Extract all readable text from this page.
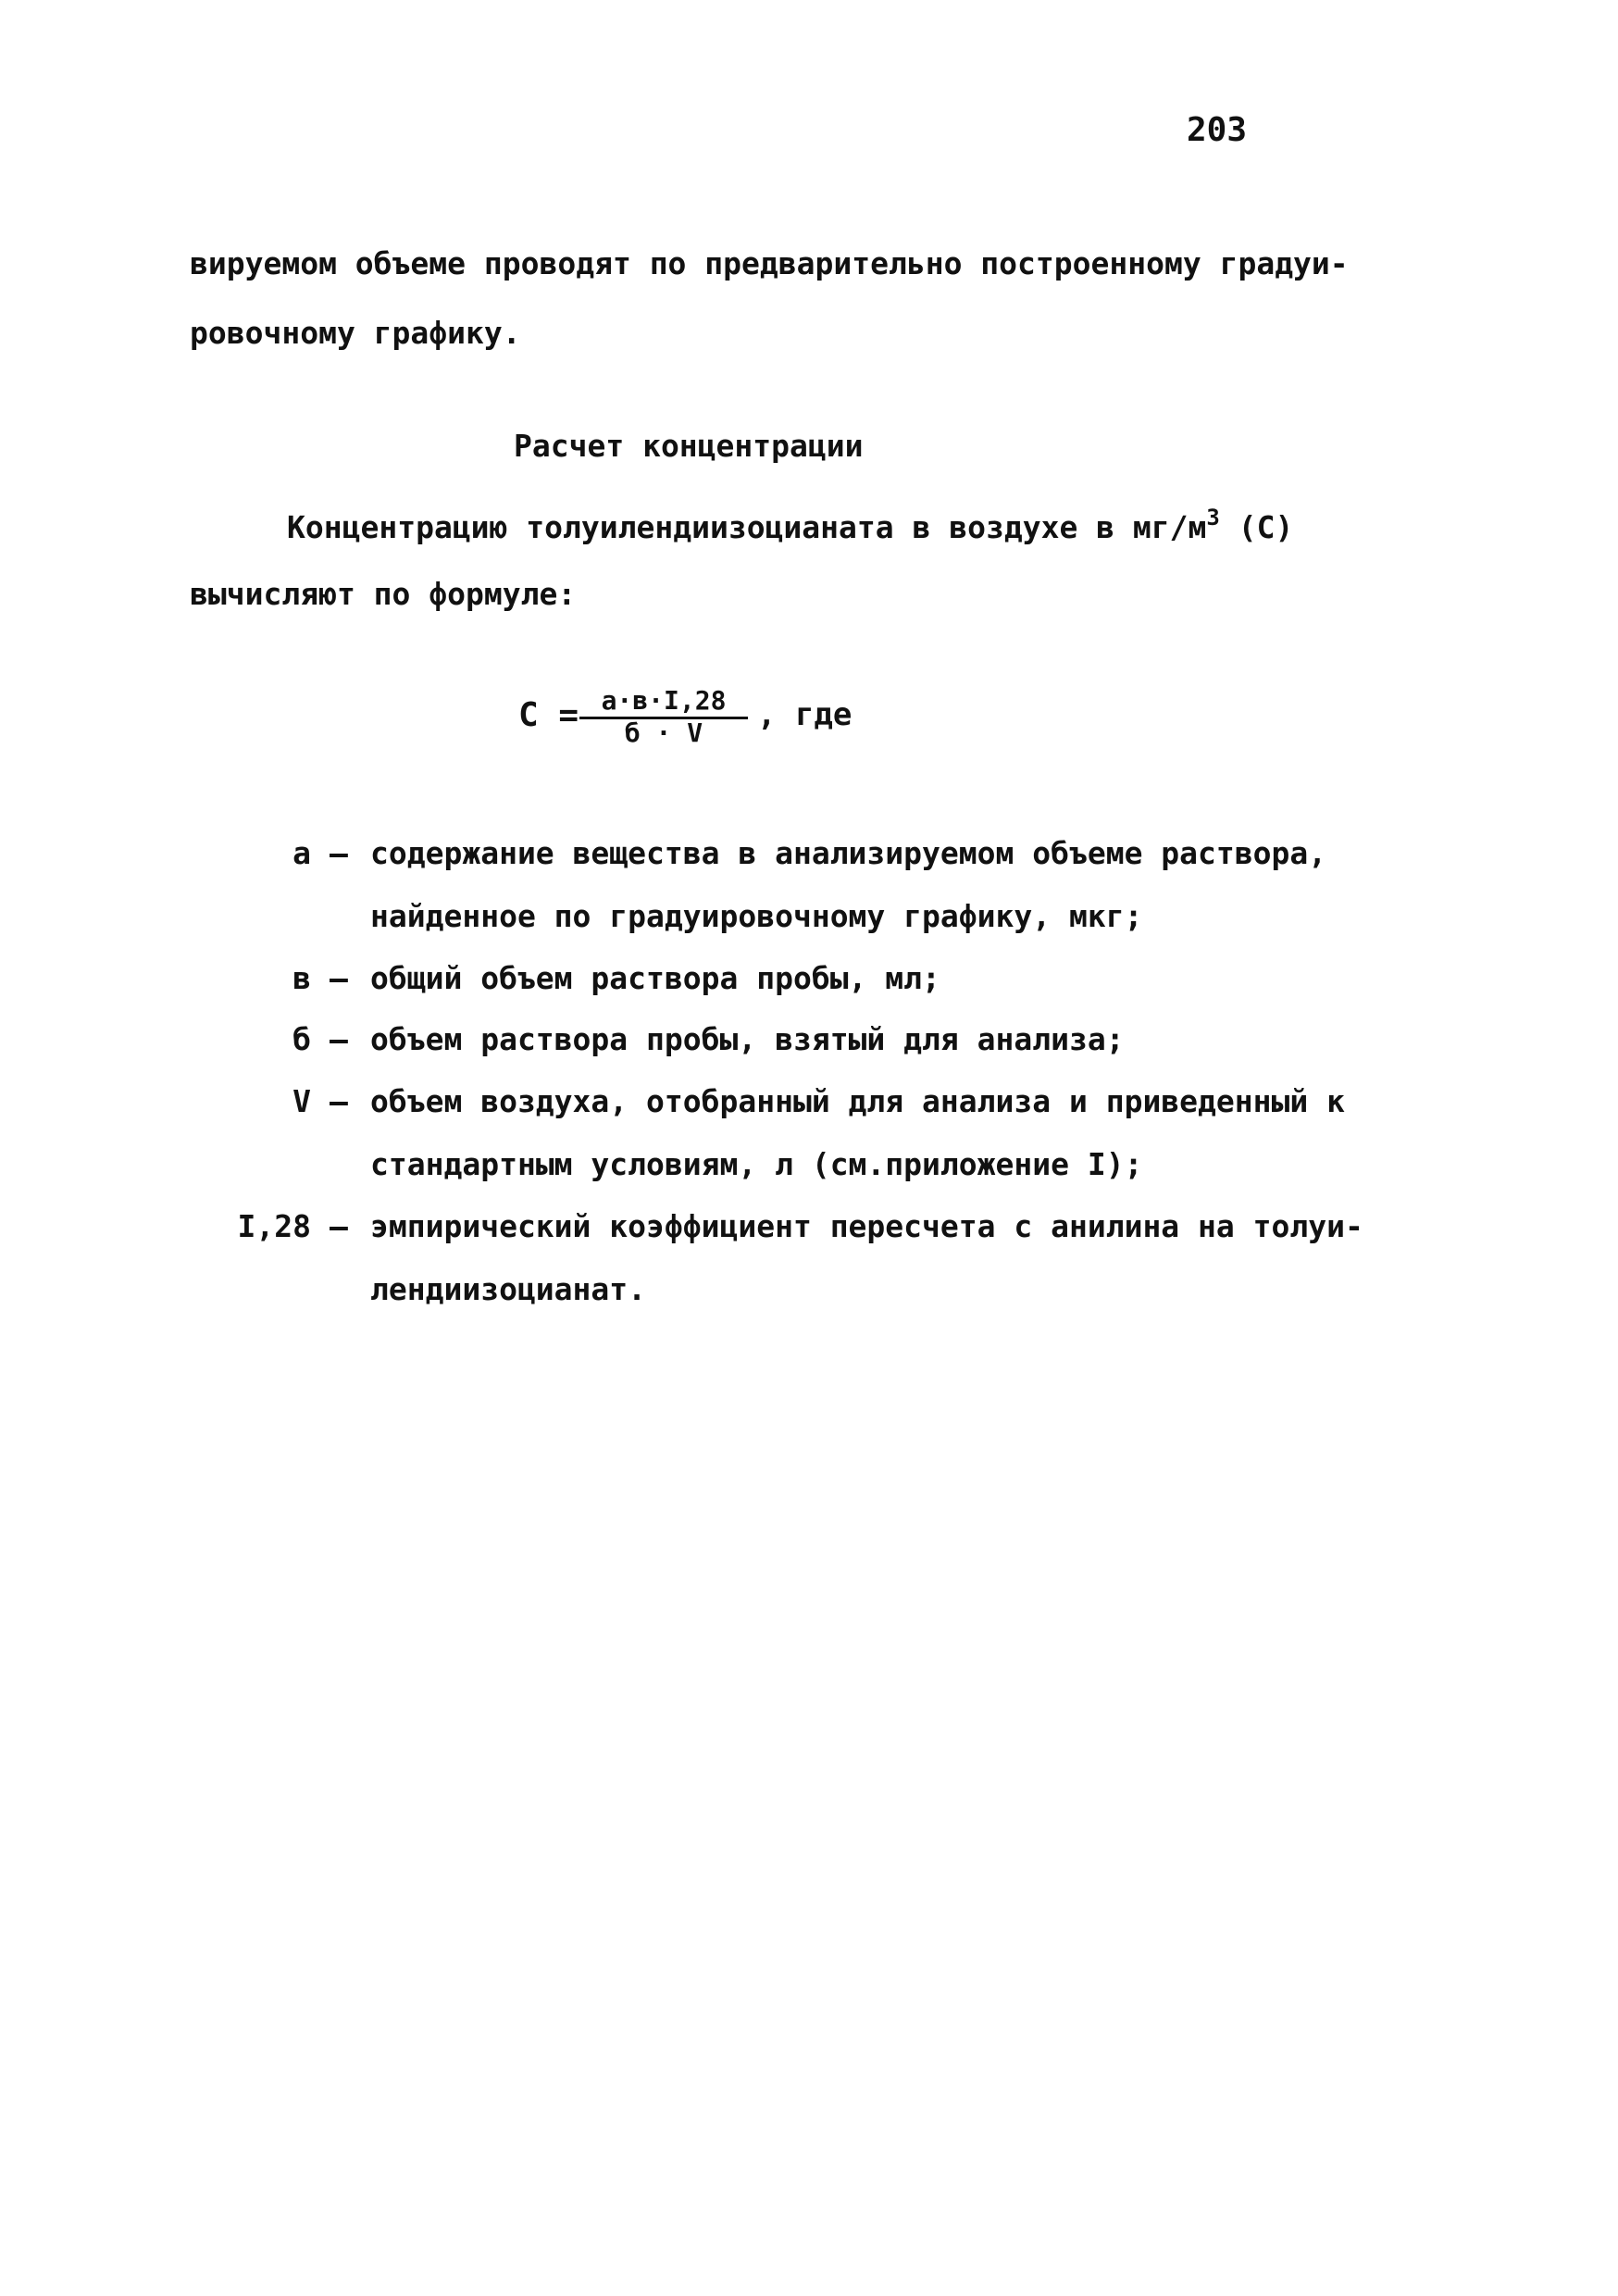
203
вируемом объеме проводят по предварительно построенному градуи-
ровочному графику.
Расчет концентрации
Концентрацию толуилендиизоцианата в воздухе в $мг/м^3$ (С)
вычисляют по формуле:
С = а·в·I,28
б · V	, где
а – содержание вещества в анализируемом объеме раствора,
найденное по градуировочному графику, мкг;
в – общий объем раствора пробы, мл;
б – объем раствора пробы, взятый для анализа;
V – объем воздуха, отобранный для анализа и приведенный к
стандартным условиям, л (см.приложение I);
I,28 – эмпирический коэффициент пересчета с анилина на толуи-
лендиизоцианат.
